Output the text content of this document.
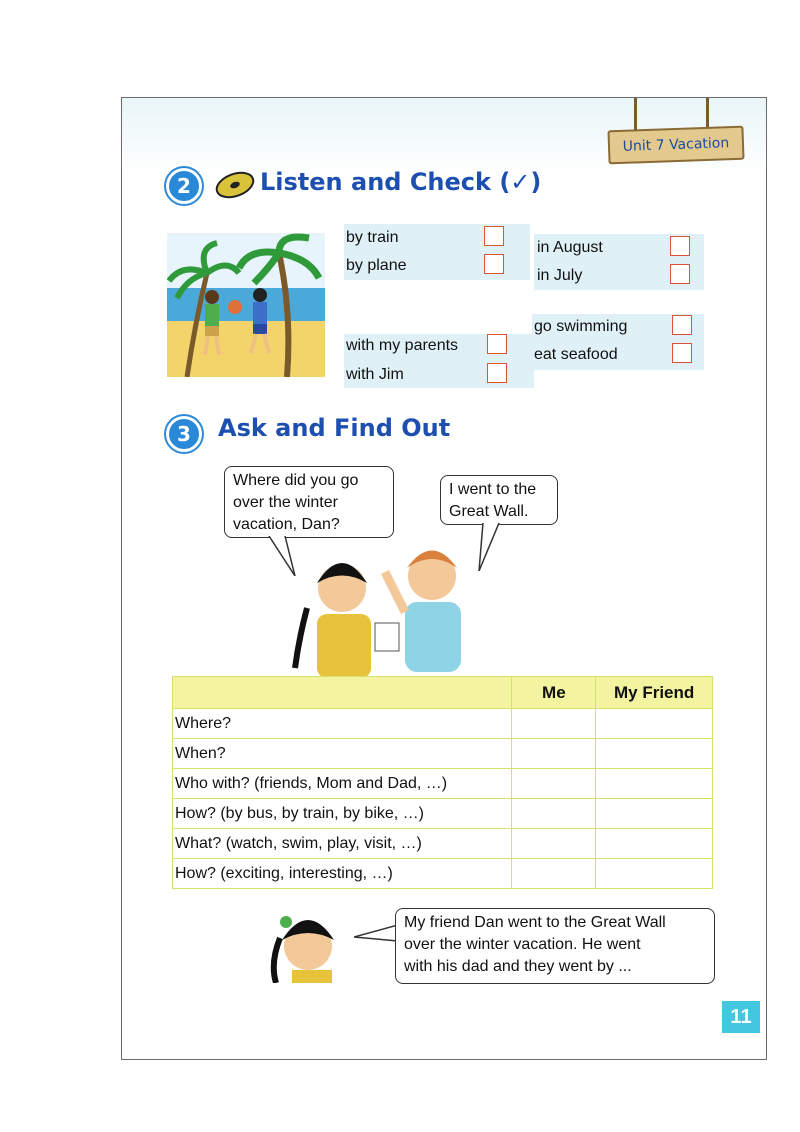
Unit 7 Vacation
2	Listen and Check (✓)
by train
by plane
in August
in July
with my parents
with Jim
go swimming
eat seafood
3	Ask and Find Out
Where did you go
over the winter
vacation, Dan?
I went to the
Great Wall.
	Me	My Friend
Where?		
When?		
Who with? (friends, Mom and Dad, …)		
How? (by bus, by train, by bike, …)		
What? (watch, swim, play, visit, …)		
How? (exciting, interesting, …)		
My friend Dan went to the Great Wall
over the winter vacation. He went
with his dad and they went by ...
11
